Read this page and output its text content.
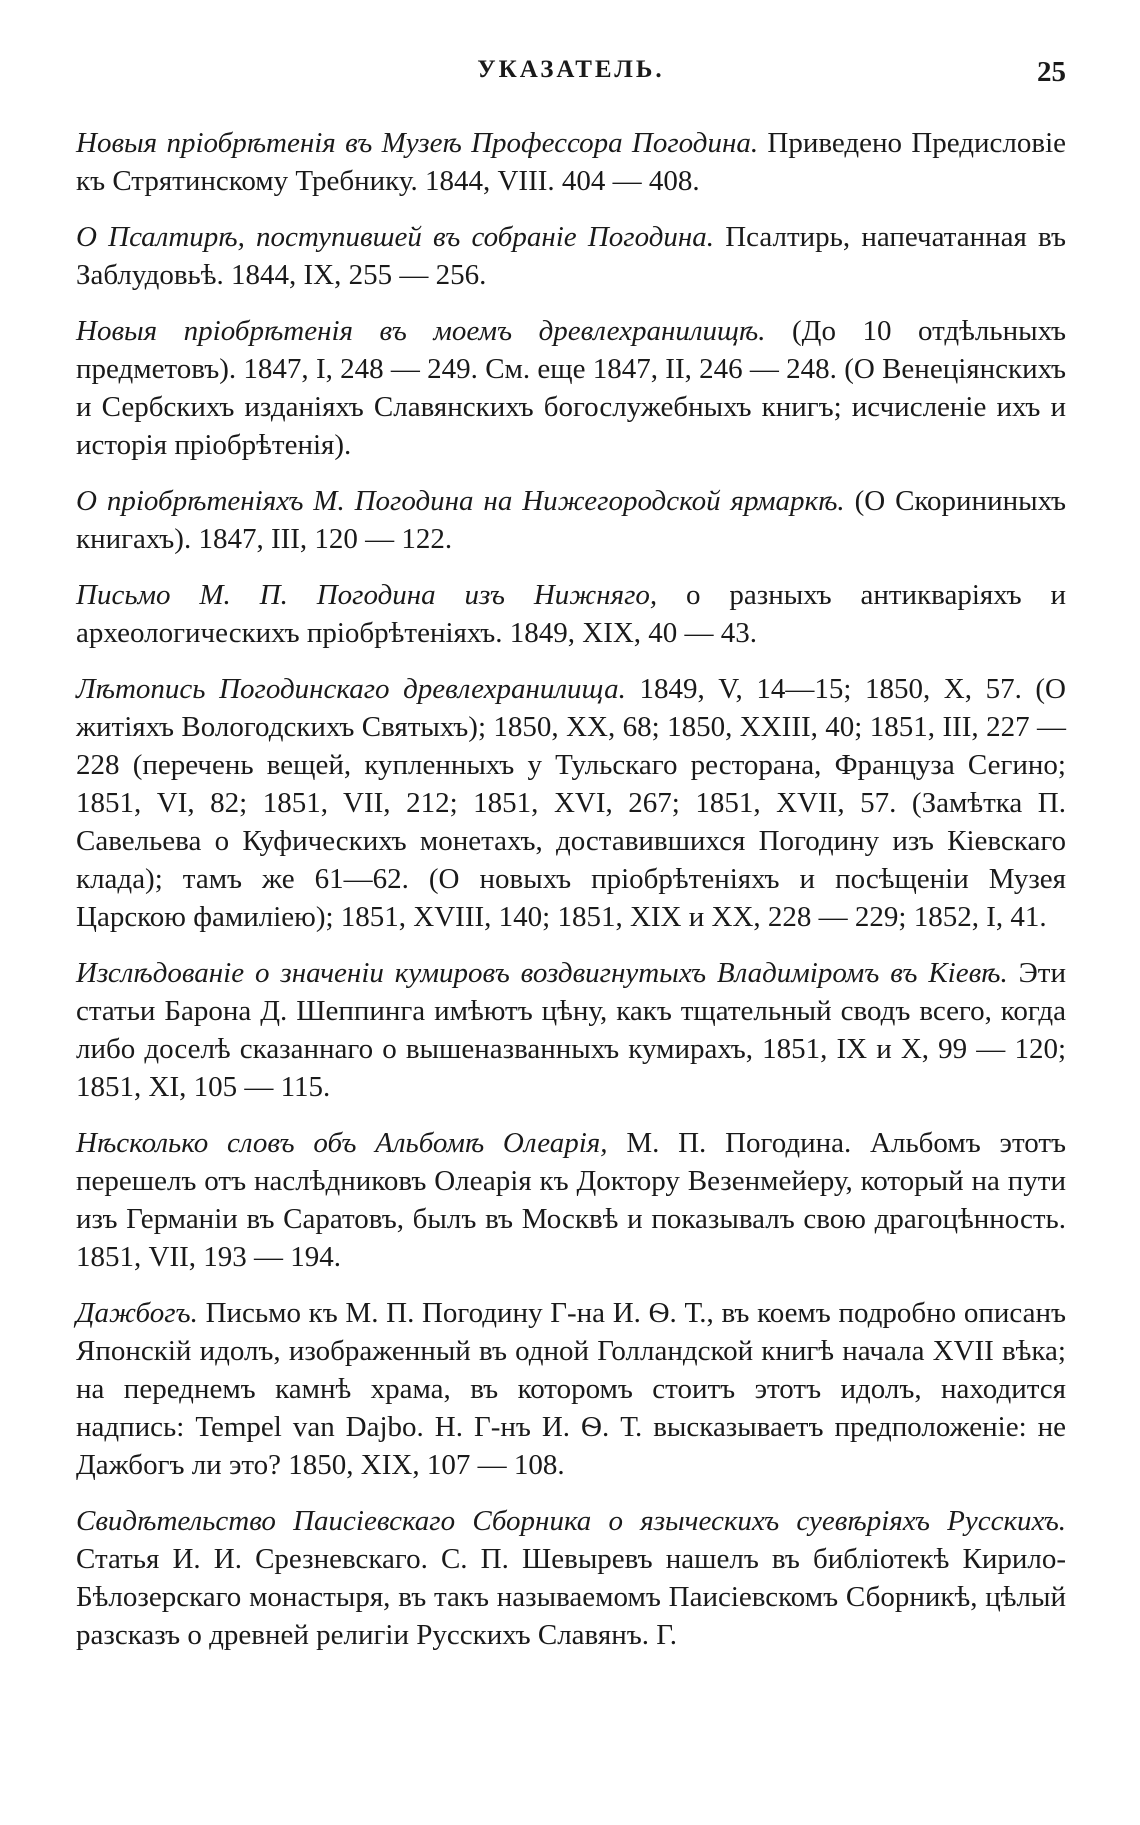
УКАЗАТЕЛЬ.	25

Новыя пріобрѣтенія въ Музеѣ Профессора Погодина. Приведено Предисловіе къ Стрятинскому Требнику. 1844, VIII. 404 — 408.

О Псалтирѣ, поступившей въ собраніе Погодина. Псалтирь, напечатанная въ Заблудовьѣ. 1844, IX, 255 — 256.

Новыя пріобрѣтенія въ моемъ древлехранилищѣ. (До 10 отдѣльныхъ предметовъ). 1847, I, 248 — 249. См. еще 1847, II, 246 — 248. (О Венеціянскихъ и Сербскихъ изданіяхъ Славянскихъ богослужебныхъ книгъ; исчисленіе ихъ и исторія пріобрѣтенія).

О пріобрѣтеніяхъ М. Погодина на Нижегородской ярмаркѣ. (О Скорининыхъ книгахъ). 1847, III, 120 — 122.

Письмо М. П. Погодина изъ Нижняго, о разныхъ антикваріяхъ и археологическихъ пріобрѣтеніяхъ. 1849, XIX, 40 — 43.

Лѣтопись Погодинскаго древлехранилища. 1849, V, 14—15; 1850, X, 57. (О житіяхъ Вологодскихъ Святыхъ); 1850, XX, 68; 1850, XXIII, 40; 1851, III, 227 — 228 (перечень вещей, купленныхъ у Тульскаго ресторана, Француза Сегино; 1851, VI, 82; 1851, VII, 212; 1851, XVI, 267; 1851, XVII, 57. (Замѣтка П. Савельева о Куфическихъ монетахъ, доставившихся Погодину изъ Кіевскаго клада); тамъ же 61—62. (О новыхъ пріобрѣтеніяхъ и посѣщеніи Музея Царскою фамиліею); 1851, XVIII, 140; 1851, XIX и XX, 228 — 229; 1852, I, 41.

Изслѣдованіе о значеніи кумировъ воздвигнутыхъ Владиміромъ въ Кіевѣ. Эти статьи Барона Д. Шеппинга имѣютъ цѣну, какъ тщательный сводъ всего, когда либо доселѣ сказаннаго о вышеназванныхъ кумирахъ, 1851, IX и X, 99 — 120; 1851, XI, 105 — 115.

Нѣсколько словъ объ Альбомѣ Олеарія, М. П. Погодина. Альбомъ этотъ перешелъ отъ наслѣдниковъ Олеарія къ Доктору Везенмейеру, который на пути изъ Германіи въ Саратовъ, былъ въ Москвѣ и показывалъ свою драгоцѣнность. 1851, VII, 193 — 194.

Дажбогъ. Письмо къ М. П. Погодину Г-на И. Ѳ. Т., въ коемъ подробно описанъ Японскій идолъ, изображенный въ одной Голландской книгѣ начала XVII вѣка; на переднемъ камнѣ храма, въ которомъ стоитъ этотъ идолъ, находится надпись: Tempel van Dajbo. Н. Г-нъ И. Ѳ. Т. высказываетъ предположеніе: не Дажбогъ ли это? 1850, XIX, 107 — 108.

Свидѣтельство Паисіевскаго Сборника о языческихъ суевѣріяхъ Русскихъ. Статья И. И. Срезневскаго. С. П. Шевыревъ нашелъ въ библіотекѣ Кирило-Бѣлозерскаго монастыря, въ такъ называемомъ Паисіевскомъ Сборникѣ, цѣлый разсказъ о древней религіи Русскихъ Славянъ. Г.
